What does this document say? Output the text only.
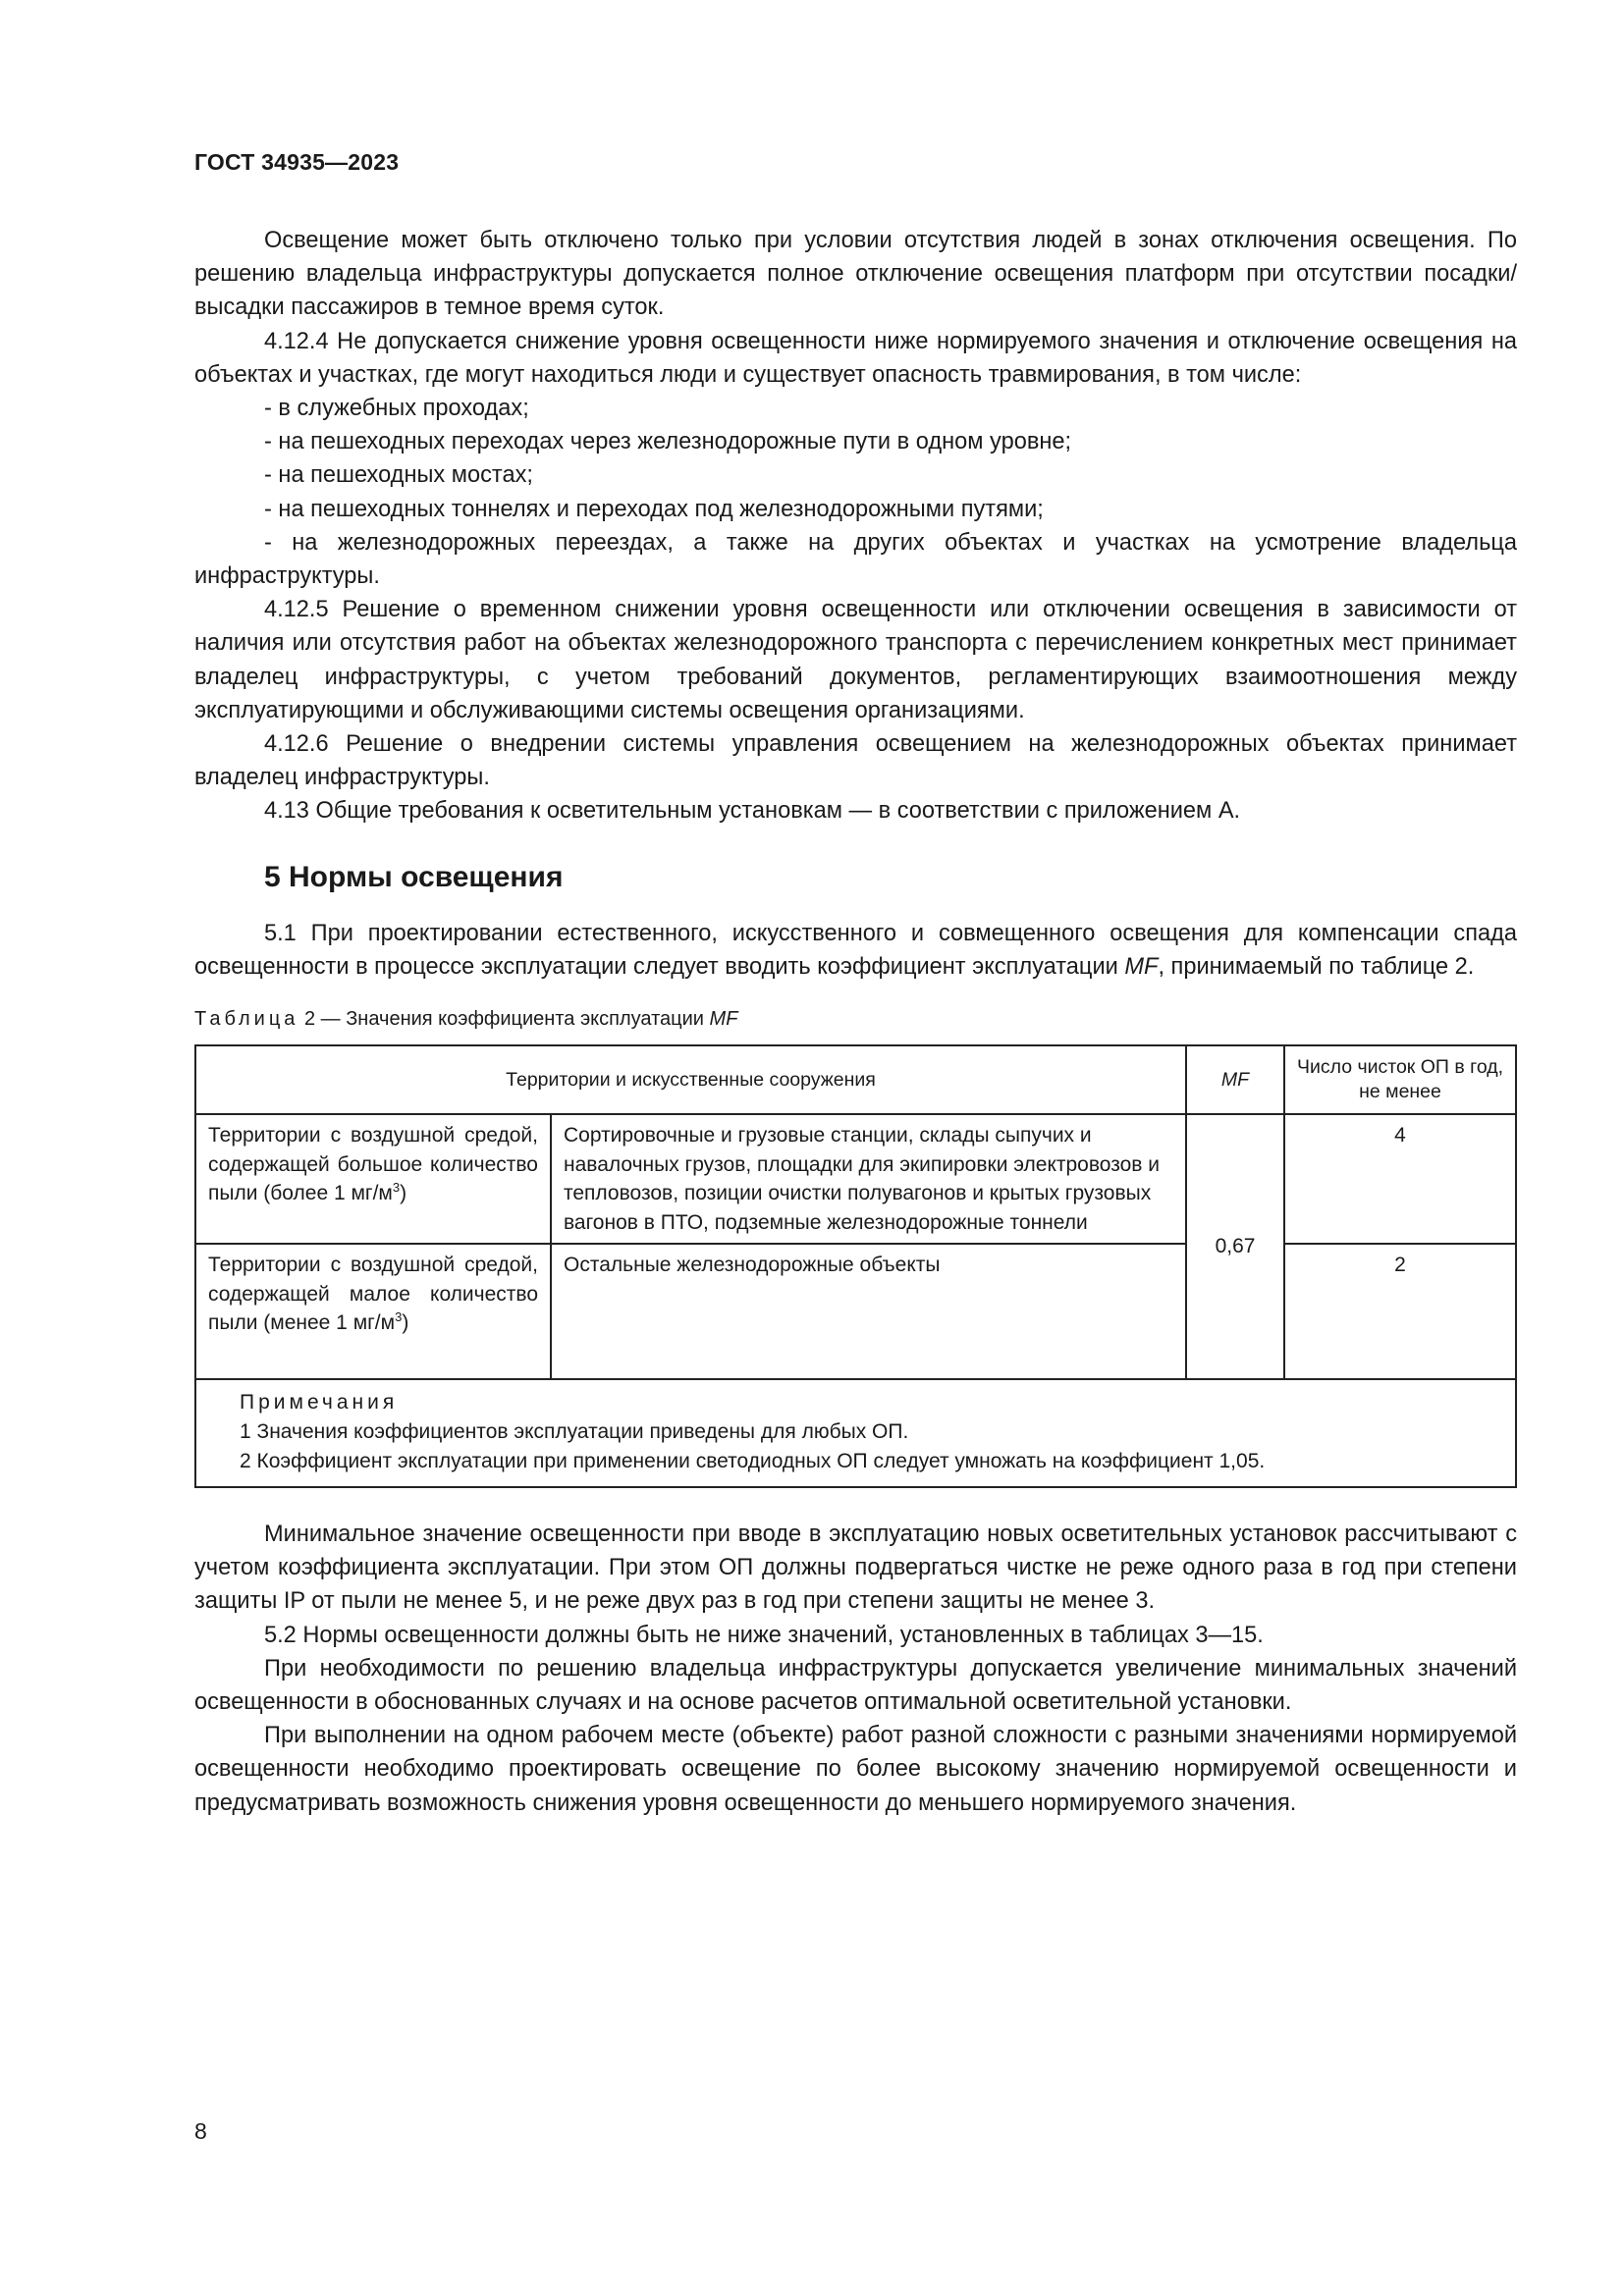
ГОСТ 34935—2023

Освещение может быть отключено только при условии отсутствия людей в зонах отключения освещения. По решению владельца инфраструктуры допускается полное отключение освещения платформ при отсутствии посадки/высадки пассажиров в темное время суток.

4.12.4 Не допускается снижение уровня освещенности ниже нормируемого значения и отключение освещения на объектах и участках, где могут находиться люди и существует опасность травмирования, в том числе:

- в служебных проходах;

- на пешеходных переходах через железнодорожные пути в одном уровне;

- на пешеходных мостах;

- на пешеходных тоннелях и переходах под железнодорожными путями;

- на железнодорожных переездах, а также на других объектах и участках на усмотрение владельца инфраструктуры.

4.12.5 Решение о временном снижении уровня освещенности или отключении освещения в зависимости от наличия или отсутствия работ на объектах железнодорожного транспорта с перечислением конкретных мест принимает владелец инфраструктуры, с учетом требований документов, регламентирующих взаимоотношения между эксплуатирующими и обслуживающими системы освещения организациями.

4.12.6 Решение о внедрении системы управления освещением на железнодорожных объектах принимает владелец инфраструктуры.

4.13 Общие требования к осветительным установкам — в соответствии с приложением А.

5 Нормы освещения

5.1 При проектировании естественного, искусственного и совмещенного освещения для компенсации спада освещенности в процессе эксплуатации следует вводить коэффициент эксплуатации MF, принимаемый по таблице 2.

Таблица 2 — Значения коэффициента эксплуатации MF

Территории и искусственные сооружения		MF	Число чисток ОП в год, не менее
Территории с воздушной средой, содержащей большое количество пыли (более 1 $мг/м^3$)	Сортировочные и грузовые станции, склады сыпучих и навалочных грузов, площадки для экипировки электровозов и тепловозов, позиции очистки полувагонов и крытых грузовых вагонов в ПТО, подземные железнодорожные тоннели	0,67	4
Территории с воздушной средой, содержащей малое количество пыли (менее 1 $мг/м^3$)	Остальные железнодорожные объекты		2

Примечания
1 Значения коэффициентов эксплуатации приведены для любых ОП.
2 Коэффициент эксплуатации при применении светодиодных ОП следует умножать на коэффициент 1,05.			

Минимальное значение освещенности при вводе в эксплуатацию новых осветительных установок рассчитывают с учетом коэффициента эксплуатации. При этом ОП должны подвергаться чистке не реже одного раза в год при степени защиты IP от пыли не менее 5, и не реже двух раз в год при степени защиты не менее 3.

5.2 Нормы освещенности должны быть не ниже значений, установленных в таблицах 3—15.

При необходимости по решению владельца инфраструктуры допускается увеличение минимальных значений освещенности в обоснованных случаях и на основе расчетов оптимальной осветительной установки.

При выполнении на одном рабочем месте (объекте) работ разной сложности с разными значениями нормируемой освещенности необходимо проектировать освещение по более высокому значению нормируемой освещенности и предусматривать возможность снижения уровня освещенности до меньшего нормируемого значения.

8
